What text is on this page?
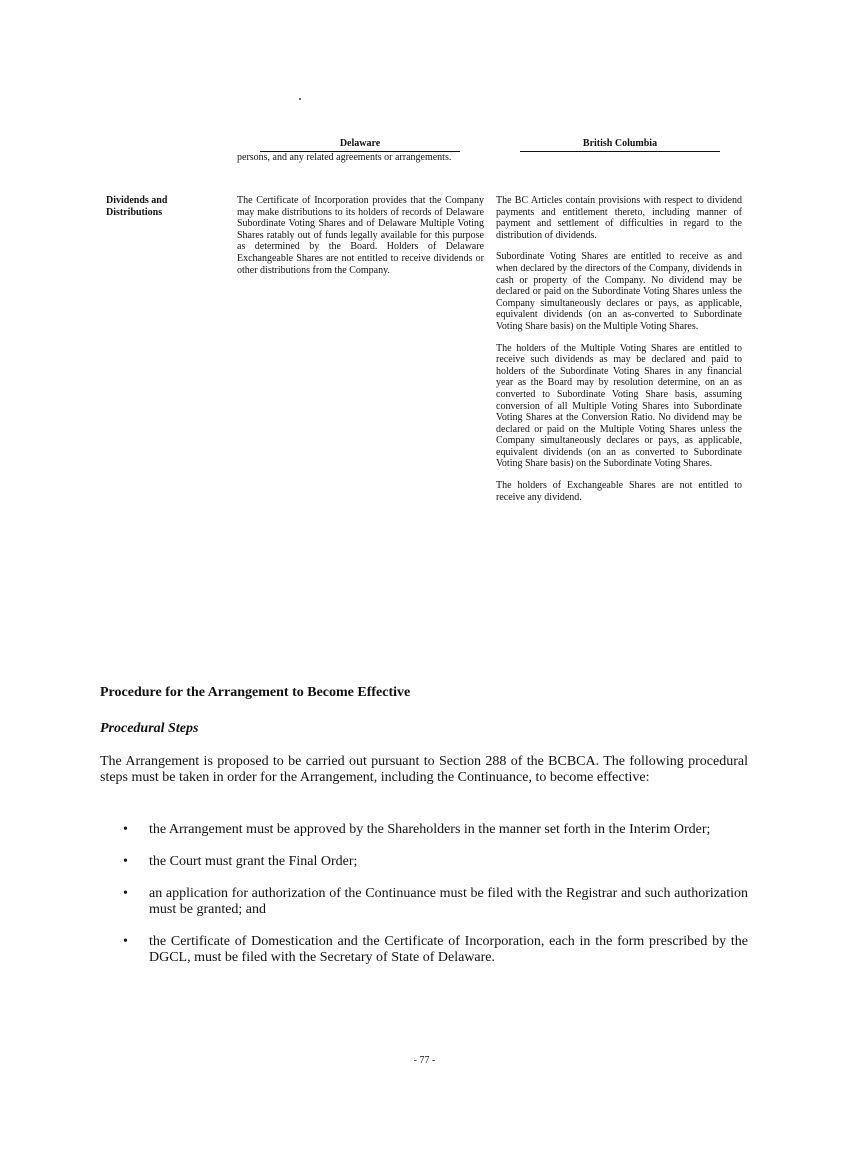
Delaware	British Columbia
persons, and any related agreements or arrangements.
Dividends and Distributions

The Certificate of Incorporation provides that the Company may make distributions to its holders of records of Delaware Subordinate Voting Shares and of Delaware Multiple Voting Shares ratably out of funds legally available for this purpose as determined by the Board. Holders of Delaware Exchangeable Shares are not entitled to receive dividends or other distributions from the Company.

The BC Articles contain provisions with respect to dividend payments and entitlement thereto, including manner of payment and settlement of difficulties in regard to the distribution of dividends.

Subordinate Voting Shares are entitled to receive as and when declared by the directors of the Company, dividends in cash or property of the Company. No dividend may be declared or paid on the Subordinate Voting Shares unless the Company simultaneously declares or pays, as applicable, equivalent dividends (on an as-converted to Subordinate Voting Share basis) on the Multiple Voting Shares.

The holders of the Multiple Voting Shares are entitled to receive such dividends as may be declared and paid to holders of the Subordinate Voting Shares in any financial year as the Board may by resolution determine, on an as converted to Subordinate Voting Share basis, assuming conversion of all Multiple Voting Shares into Subordinate Voting Shares at the Conversion Ratio. No dividend may be declared or paid on the Multiple Voting Shares unless the Company simultaneously declares or pays, as applicable, equivalent dividends (on an as converted to Subordinate Voting Share basis) on the Subordinate Voting Shares.

The holders of Exchangeable Shares are not entitled to receive any dividend.

Procedure for the Arrangement to Become Effective
Procedural Steps
The Arrangement is proposed to be carried out pursuant to Section 288 of the BCBCA. The following procedural steps must be taken in order for the Arrangement, including the Continuance, to become effective:
• the Arrangement must be approved by the Shareholders in the manner set forth in the Interim Order;
• the Court must grant the Final Order;
• an application for authorization of the Continuance must be filed with the Registrar and such authorization must be granted; and
• the Certificate of Domestication and the Certificate of Incorporation, each in the form prescribed by the DGCL, must be filed with the Secretary of State of Delaware.
- 77 -
